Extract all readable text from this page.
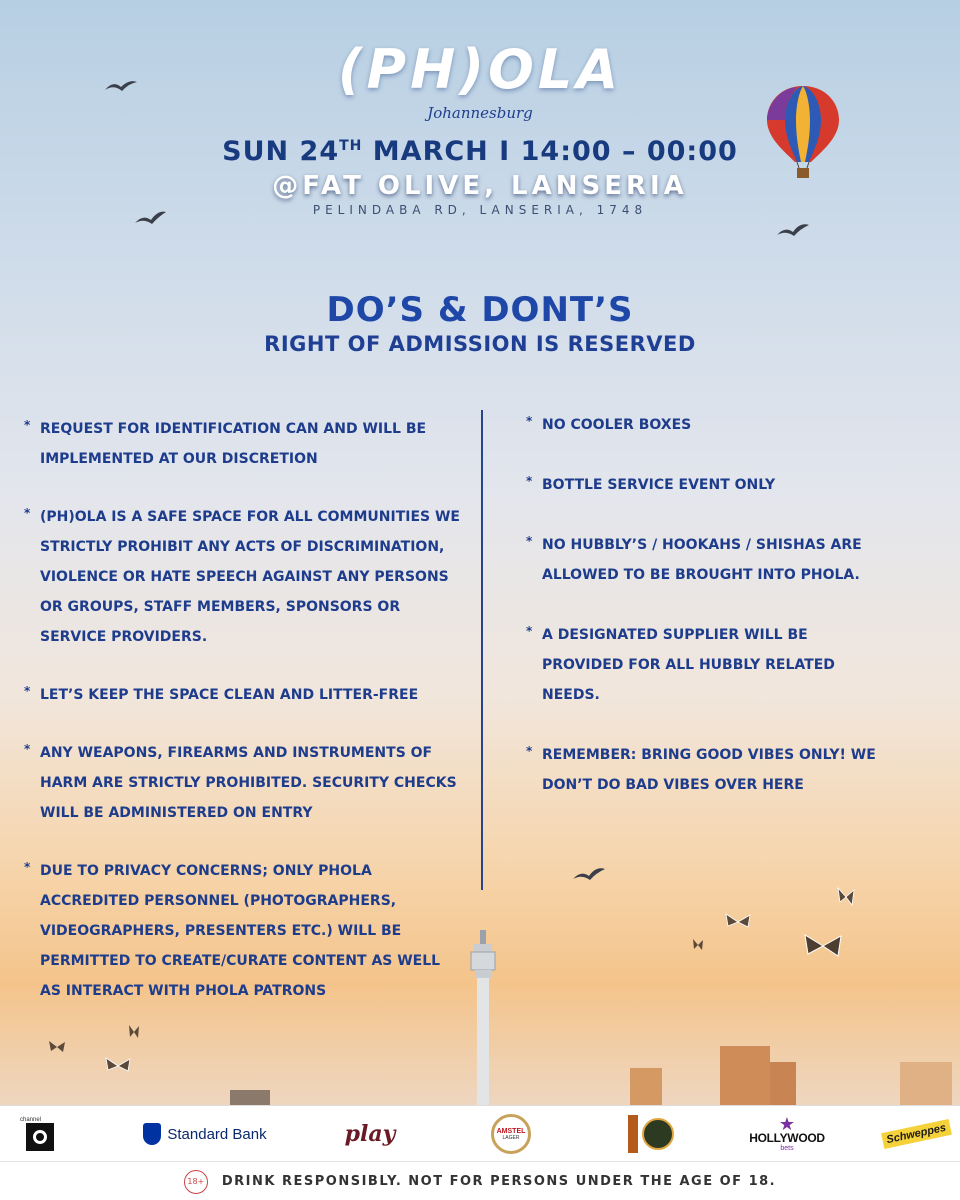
(PH)OLA
Johannesburg
SUN 24TH MARCH I 14:00 – 00:00
@FAT OLIVE, LANSERIA
PELINDABA RD, LANSERIA, 1748
DO’S & DONT’S
RIGHT OF ADMISSION IS RESERVED
* REQUEST FOR IDENTIFICATION CAN AND WILL BE IMPLEMENTED AT OUR DISCRETION
* (PH)OLA IS A SAFE SPACE FOR ALL COMMUNITIES WE STRICTLY PROHIBIT ANY ACTS OF DISCRIMINATION, VIOLENCE OR HATE SPEECH AGAINST ANY PERSONS OR GROUPS, STAFF MEMBERS, SPONSORS OR SERVICE PROVIDERS.
* LET’S KEEP THE SPACE CLEAN AND LITTER-FREE
* ANY WEAPONS, FIREARMS AND INSTRUMENTS OF HARM ARE STRICTLY PROHIBITED. SECURITY CHECKS WILL BE ADMINISTERED ON ENTRY
* DUE TO PRIVACY CONCERNS; ONLY PHOLA ACCREDITED PERSONNEL (PHOTOGRAPHERS, VIDEOGRAPHERS, PRESENTERS ETC.) WILL BE PERMITTED TO CREATE/CURATE CONTENT AS WELL AS INTERACT WITH PHOLA PATRONS
* NO COOLER BOXES
* BOTTLE SERVICE EVENT ONLY
* NO HUBBLY’S / HOOKAHS / SHISHAS ARE ALLOWED TO BE BROUGHT INTO PHOLA.
* A DESIGNATED SUPPLIER WILL BE PROVIDED FOR ALL HUBBLY RELATED NEEDS.
* REMEMBER: BRING GOOD VIBES ONLY! WE DON’T DO BAD VIBES OVER HERE
channel
Standard Bank	play	AMSTEL
LAGER
★
HOLLYWOOD
bets
Schweppes
18+ DRINK RESPONSIBLY. NOT FOR PERSONS UNDER THE AGE OF 18.
